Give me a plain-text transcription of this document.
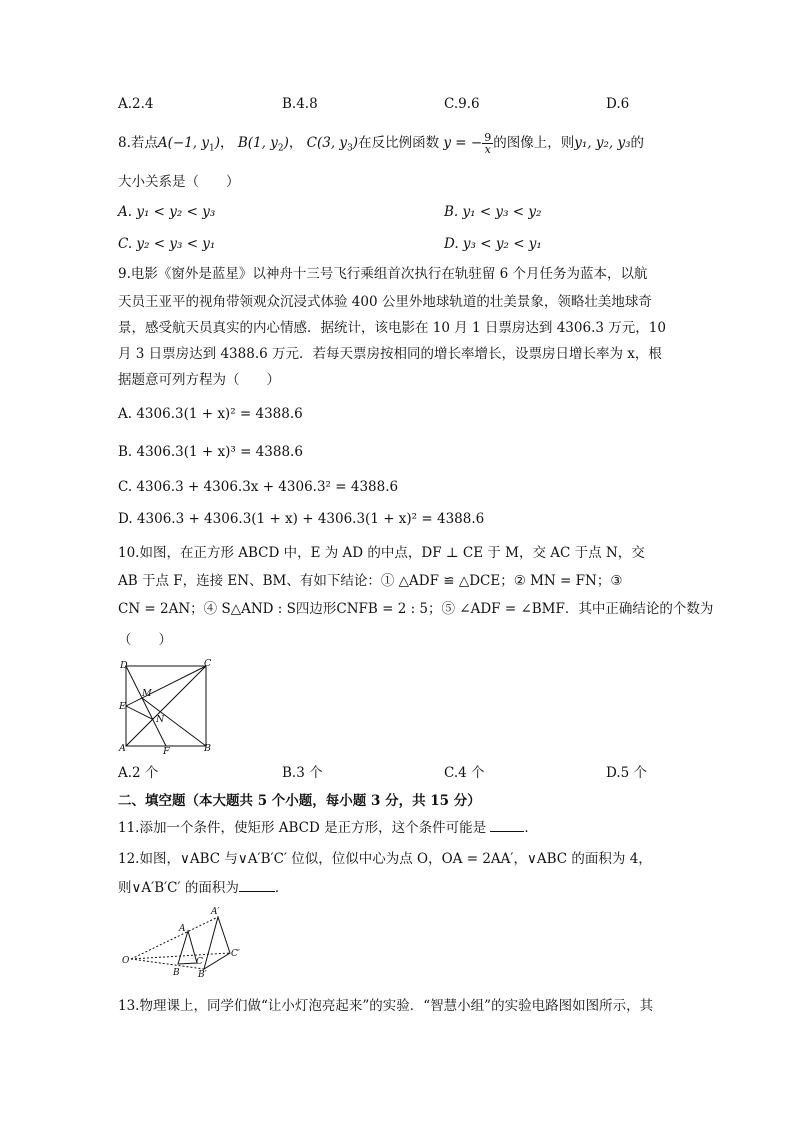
A.2.4	B.4.8	C.9.6	D.6
8.若点A(−1, $y_1$)， B(1, $y_2$)， C(3, $y_3$)在反比例函数 y = − $\frac{9}{x}$ 的图像上，则y₁, y₂, y₃的
大小关系是（　　）
A. y₁ < y₂ < y₃	B. y₁ < y₃ < y₂
C. y₂ < y₃ < y₁	D. y₃ < y₂ < y₁
9.电影《窗外是蓝星》以神舟十三号飞行乘组首次执行在轨驻留 6 个月任务为蓝本，以航
天员王亚平的视角带领观众沉浸式体验 400 公里外地球轨道的壮美景象，领略壮美地球奇
景，感受航天员真实的内心情感．据统计，该电影在 10 月 1 日票房达到 4306.3 万元，10
月 3 日票房达到 4388.6 万元．若每天票房按相同的增长率增长，设票房日增长率为 x，根
据题意可列方程为（　　）
A. 4306.3(1 + x)² = 4388.6
B. 4306.3(1 + x)³ = 4388.6
C. 4306.3 + 4306.3x + 4306.3² = 4388.6
D. 4306.3 + 4306.3(1 + x) + 4306.3(1 + x)² = 4388.6
10.如图，在正方形 ABCD 中，E 为 AD 的中点，DF ⊥ CE 于 M，交 AC 于点 N，交
AB 于点 F，连接 EN、BM、有如下结论：① △ADF ≌ △DCE；② MN = FN；③
CN = 2AN；④ S△AND : S四边形CNFB = 2 : 5；⑤ ∠ADF = ∠BMF．其中正确结论的个数为
（　　）
D	C
M
E
N
A	F	B
A.2 个	B.3 个	C.4 个	D.5 个
二、填空题（本大题共 5 个小题，每小题 3 分，共 15 分）
11.添加一个条件，使矩形 ABCD 是正方形，这个条件可能是	．
12.如图，∨ABC 与∨A′B′C′ 位似，位似中心为点 O，OA = 2AA′，∨ABC 的面积为 4，
则∨A′B′C′ 的面积为	．
A′
A
O	C
C′
B B′
13.物理课上，同学们做“让小灯泡亮起来”的实验．“智慧小组”的实验电路图如图所示，其
